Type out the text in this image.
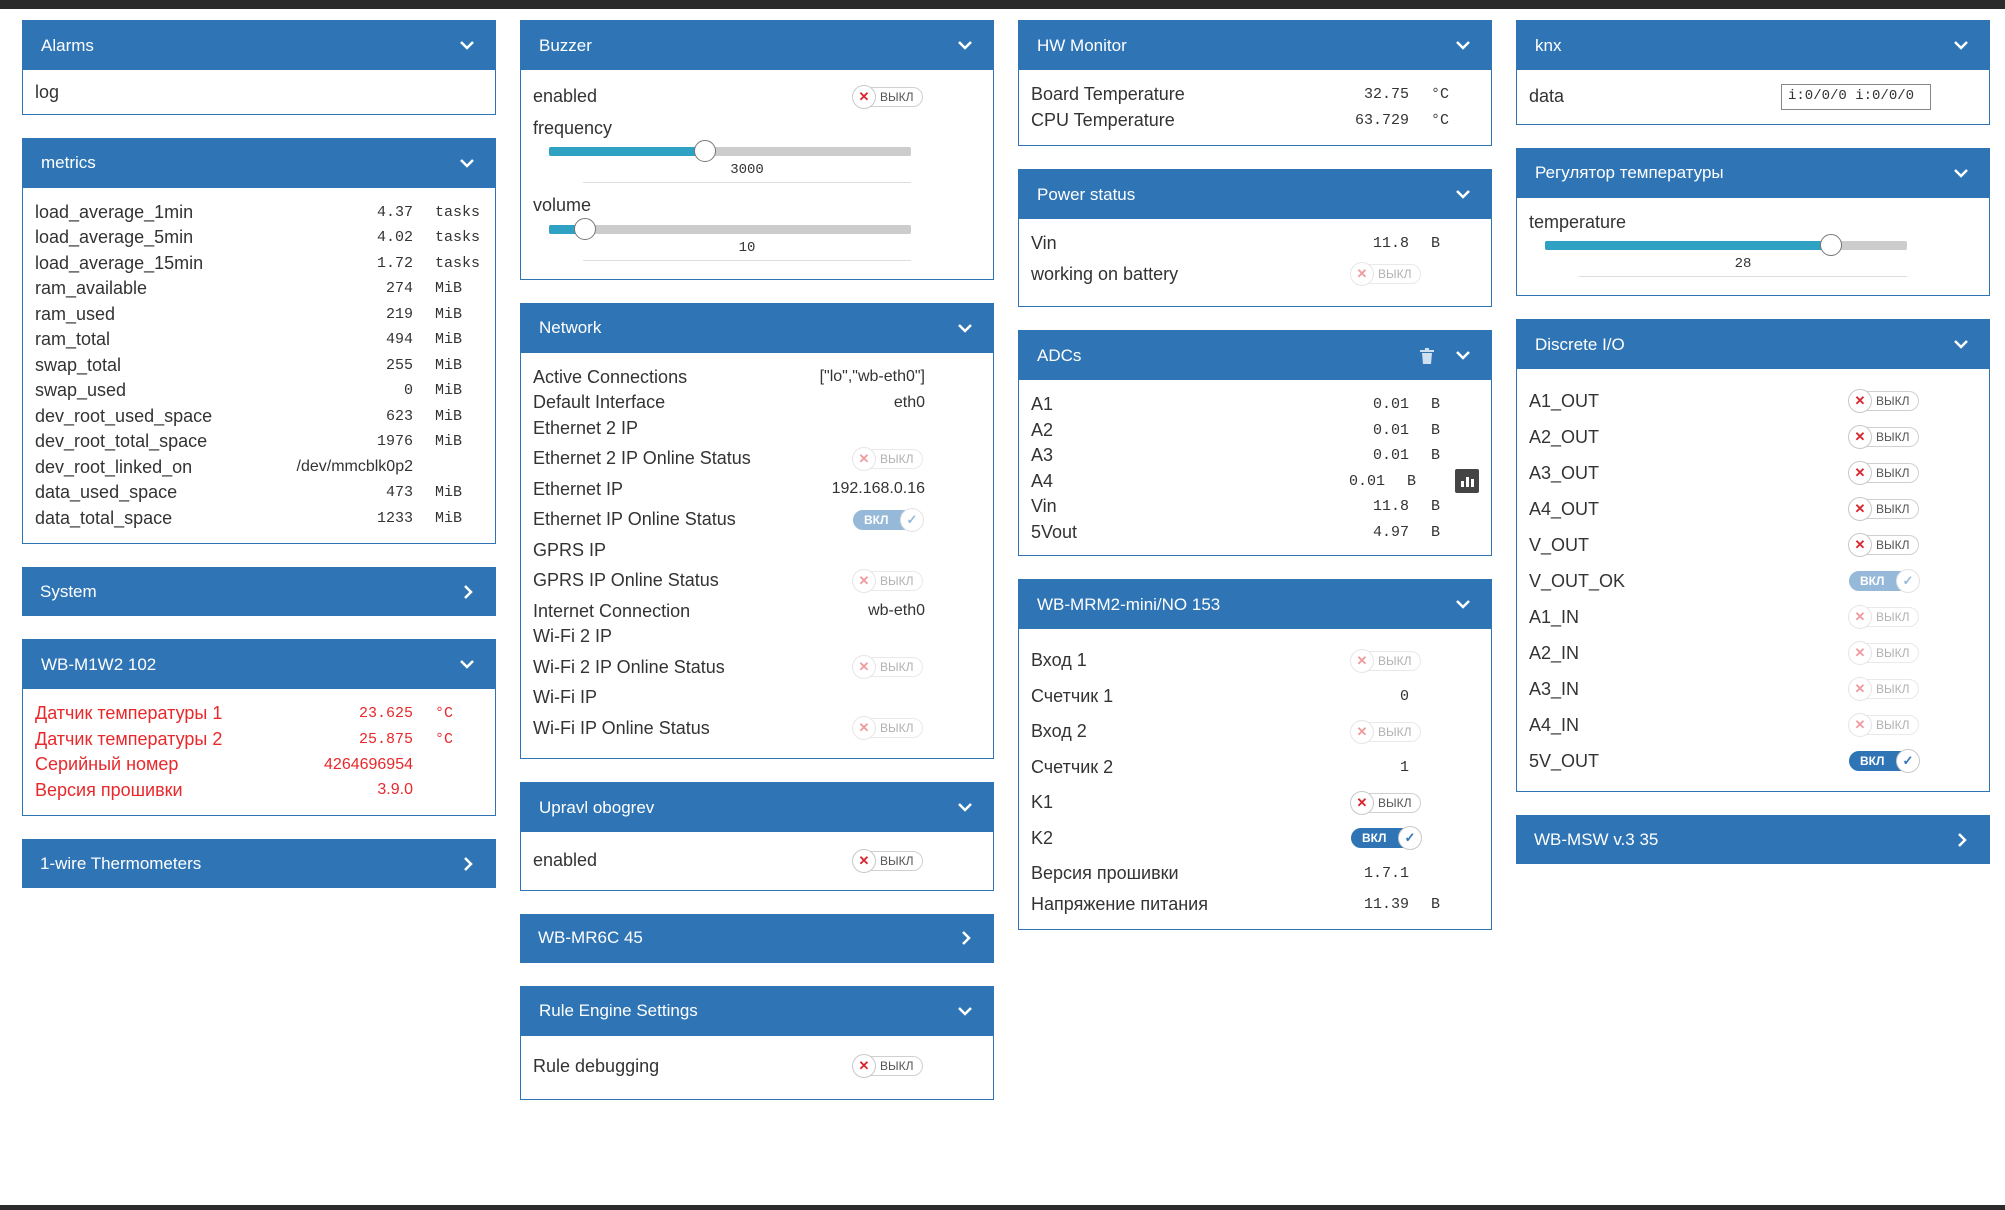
Alarms
log
metrics
load_average_1min	4.37	tasks
load_average_5min	4.02	tasks
load_average_15min	1.72	tasks
ram_available	274	MiB
ram_used	219	MiB
ram_total	494	MiB
swap_total	255	MiB
swap_used	0	MiB
dev_root_used_space	623	MiB
dev_root_total_space	1976	MiB
dev_root_linked_on	/dev/mmcblk0p2
data_used_space	473	MiB
data_total_space	1233	MiB
System
WB-M1W2 102
Датчик температуры 1	23.625	°C
Датчик температуры 2	25.875	°C
Серийный номер	4264696954
Версия прошивки	3.9.0
1-wire Thermometers
Buzzer
enabled	ВЫКЛ
✕
frequency
3000
volume
10
Network
Active Connections	["lo","wb-eth0"]
Default Interface	eth0
Ethernet 2 IP
Ethernet 2 IP Online Status	ВЫКЛ
✕
Ethernet IP	192.168.0.16
Ethernet IP Online Status	ВКЛ	✓
GPRS IP
GPRS IP Online Status	ВЫКЛ
✕
Internet Connection	wb-eth0
Wi-Fi 2 IP
Wi-Fi 2 IP Online Status	ВЫКЛ
✕
Wi-Fi IP
Wi-Fi IP Online Status	ВЫКЛ
✕
Upravl obogrev
enabled	ВЫКЛ
✕
WB-MR6C 45
Rule Engine Settings
Rule debugging	ВЫКЛ
✕
HW Monitor
Board Temperature	32.75	°C
CPU Temperature	63.729	°C
Power status
Vin	11.8	B
working on battery	ВЫКЛ
✕
ADCs
A1	0.01	B
A2	0.01	B
A3	0.01	B
A4	0.01	B
Vin	11.8	B
5Vout	4.97	B
WB-MRM2-mini/NO 153
Вход 1	ВЫКЛ
✕
Счетчик 1	0
Вход 2	ВЫКЛ
✕
Счетчик 2	1
K1	ВЫКЛ
✕
K2	ВКЛ	✓
Версия прошивки	1.7.1
Напряжение питания	11.39	B
knx
data	i:0/0/0 i:0/0/0
Регулятор температуры
temperature
28
Discrete I/O
A1_OUT	ВЫКЛ
✕
A2_OUT	ВЫКЛ
✕
A3_OUT	ВЫКЛ
✕
A4_OUT	ВЫКЛ
✕
V_OUT	ВЫКЛ
✕
V_OUT_OK	ВКЛ	✓
A1_IN	ВЫКЛ
✕
A2_IN	ВЫКЛ
✕
A3_IN	ВЫКЛ
✕
A4_IN	ВЫКЛ
✕
5V_OUT	ВКЛ	✓
WB-MSW v.3 35
